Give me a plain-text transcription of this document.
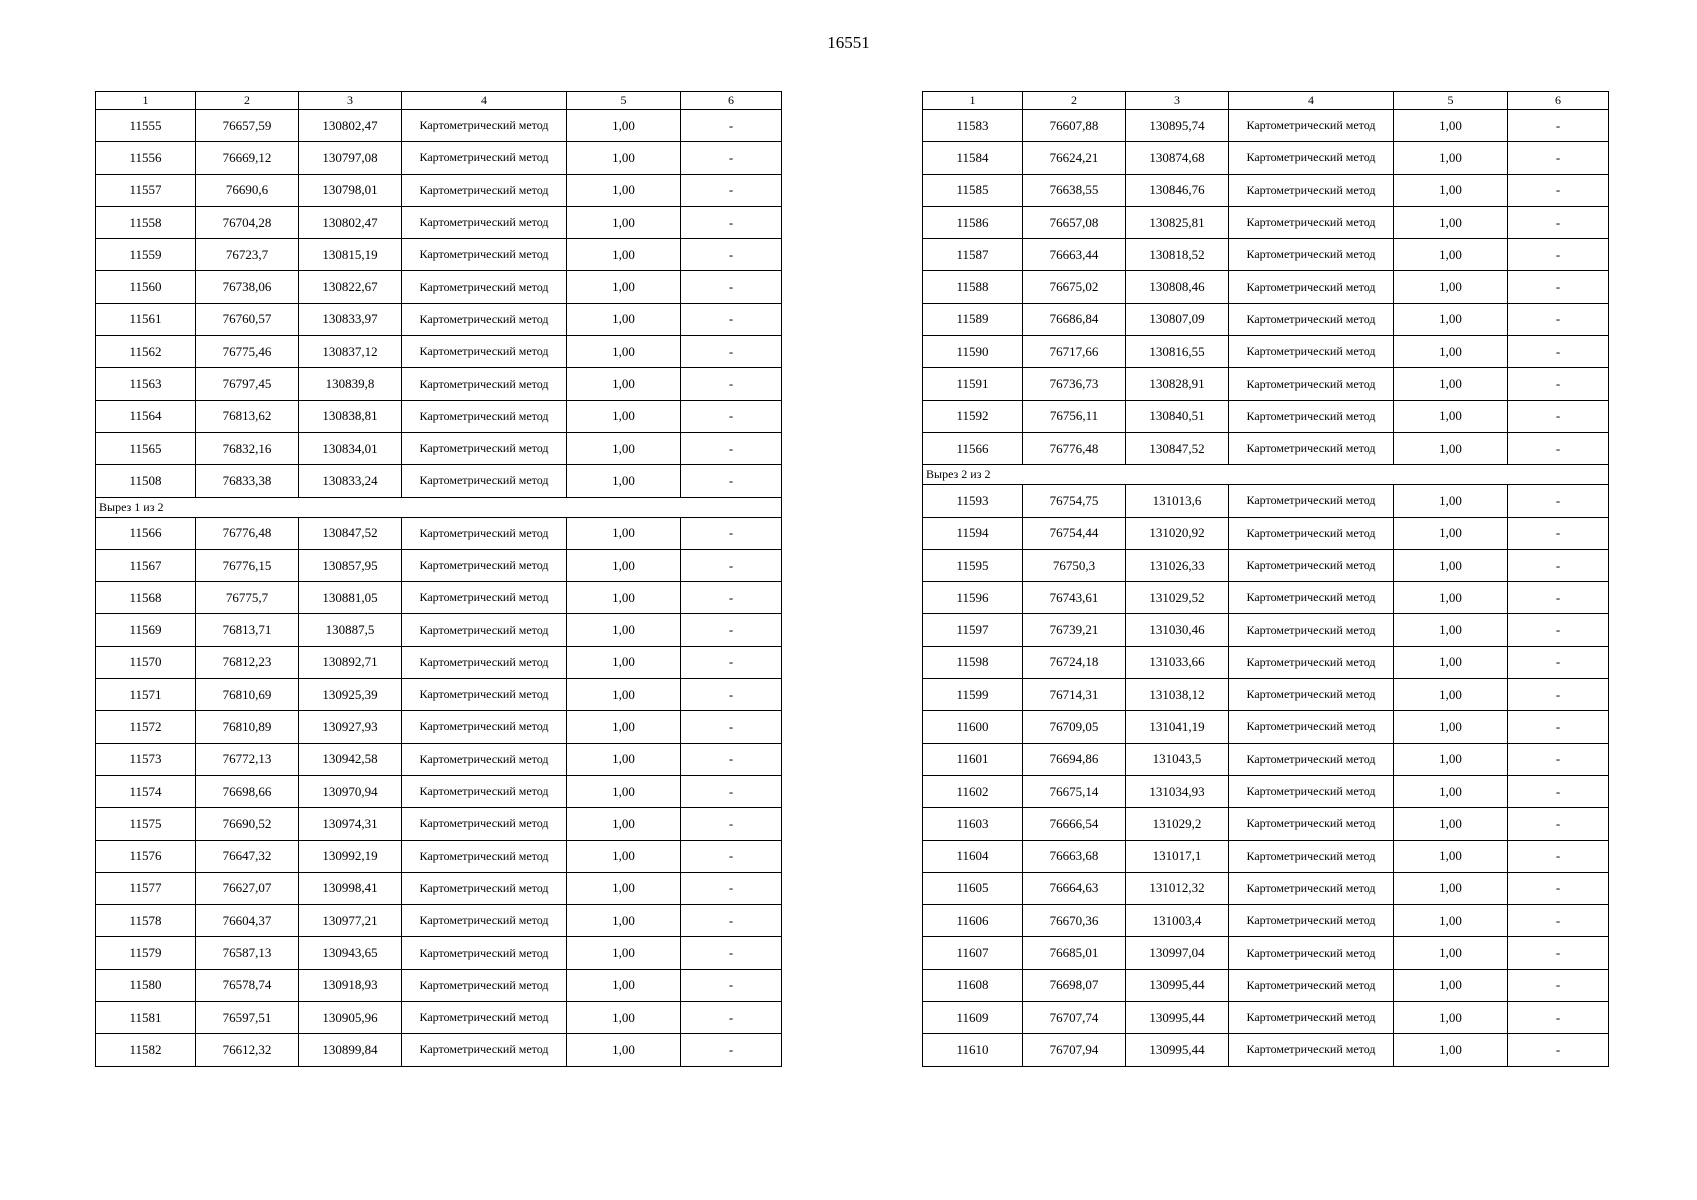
16551
1	2	3	4	5	6
11555	76657,59	130802,47	Картометрический метод	1,00	-
11556	76669,12	130797,08	Картометрический метод	1,00	-
11557	76690,6	130798,01	Картометрический метод	1,00	-
11558	76704,28	130802,47	Картометрический метод	1,00	-
11559	76723,7	130815,19	Картометрический метод	1,00	-
11560	76738,06	130822,67	Картометрический метод	1,00	-
11561	76760,57	130833,97	Картометрический метод	1,00	-
11562	76775,46	130837,12	Картометрический метод	1,00	-
11563	76797,45	130839,8	Картометрический метод	1,00	-
11564	76813,62	130838,81	Картометрический метод	1,00	-
11565	76832,16	130834,01	Картометрический метод	1,00	-
11508	76833,38	130833,24	Картометрический метод	1,00	-
Вырез 1 из 2					
11566	76776,48	130847,52	Картометрический метод	1,00	-
11567	76776,15	130857,95	Картометрический метод	1,00	-
11568	76775,7	130881,05	Картометрический метод	1,00	-
11569	76813,71	130887,5	Картометрический метод	1,00	-
11570	76812,23	130892,71	Картометрический метод	1,00	-
11571	76810,69	130925,39	Картометрический метод	1,00	-
11572	76810,89	130927,93	Картометрический метод	1,00	-
11573	76772,13	130942,58	Картометрический метод	1,00	-
11574	76698,66	130970,94	Картометрический метод	1,00	-
11575	76690,52	130974,31	Картометрический метод	1,00	-
11576	76647,32	130992,19	Картометрический метод	1,00	-
11577	76627,07	130998,41	Картометрический метод	1,00	-
11578	76604,37	130977,21	Картометрический метод	1,00	-
11579	76587,13	130943,65	Картометрический метод	1,00	-
11580	76578,74	130918,93	Картометрический метод	1,00	-
11581	76597,51	130905,96	Картометрический метод	1,00	-
11582	76612,32	130899,84	Картометрический метод	1,00	-
1	2	3	4	5	6
11583	76607,88	130895,74	Картометрический метод	1,00	-
11584	76624,21	130874,68	Картометрический метод	1,00	-
11585	76638,55	130846,76	Картометрический метод	1,00	-
11586	76657,08	130825,81	Картометрический метод	1,00	-
11587	76663,44	130818,52	Картометрический метод	1,00	-
11588	76675,02	130808,46	Картометрический метод	1,00	-
11589	76686,84	130807,09	Картометрический метод	1,00	-
11590	76717,66	130816,55	Картометрический метод	1,00	-
11591	76736,73	130828,91	Картометрический метод	1,00	-
11592	76756,11	130840,51	Картометрический метод	1,00	-
11566	76776,48	130847,52	Картометрический метод	1,00	-
Вырез 2 из 2					
11593	76754,75	131013,6	Картометрический метод	1,00	-
11594	76754,44	131020,92	Картометрический метод	1,00	-
11595	76750,3	131026,33	Картометрический метод	1,00	-
11596	76743,61	131029,52	Картометрический метод	1,00	-
11597	76739,21	131030,46	Картометрический метод	1,00	-
11598	76724,18	131033,66	Картометрический метод	1,00	-
11599	76714,31	131038,12	Картометрический метод	1,00	-
11600	76709,05	131041,19	Картометрический метод	1,00	-
11601	76694,86	131043,5	Картометрический метод	1,00	-
11602	76675,14	131034,93	Картометрический метод	1,00	-
11603	76666,54	131029,2	Картометрический метод	1,00	-
11604	76663,68	131017,1	Картометрический метод	1,00	-
11605	76664,63	131012,32	Картометрический метод	1,00	-
11606	76670,36	131003,4	Картометрический метод	1,00	-
11607	76685,01	130997,04	Картометрический метод	1,00	-
11608	76698,07	130995,44	Картометрический метод	1,00	-
11609	76707,74	130995,44	Картометрический метод	1,00	-
11610	76707,94	130995,44	Картометрический метод	1,00	-
